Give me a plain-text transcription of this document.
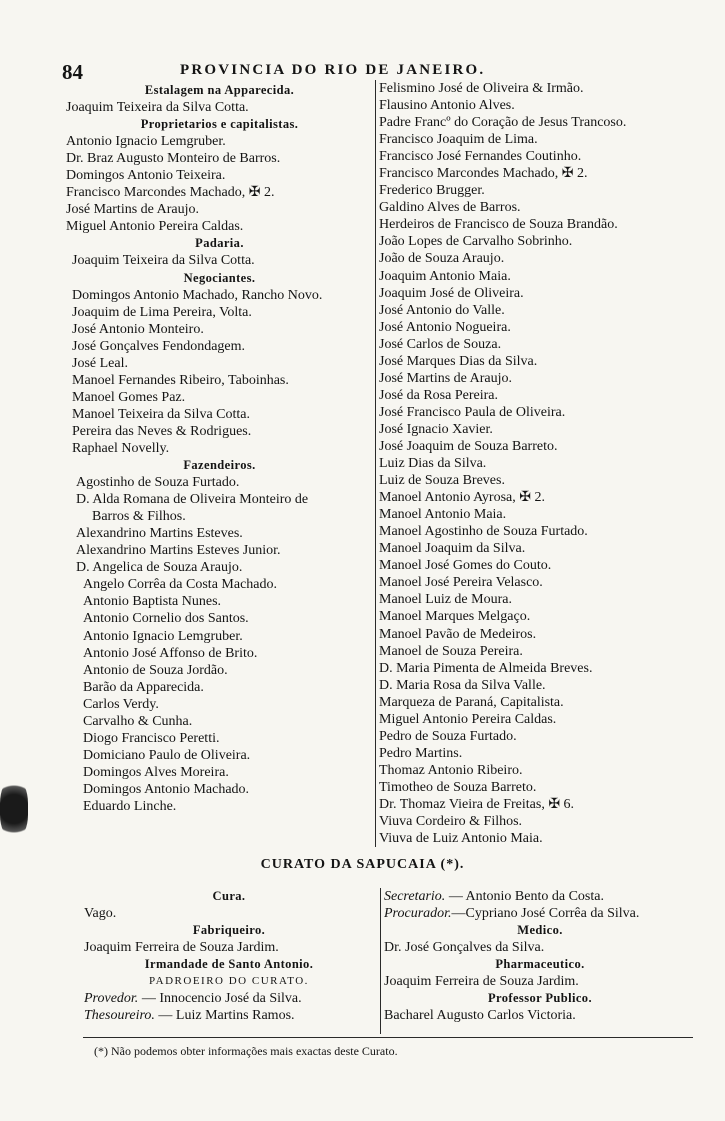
84	PROVINCIA DO RIO DE JANEIRO.
Estalagem na Apparecida.
Joaquim Teixeira da Silva Cotta.
Proprietarios e capitalistas.
Antonio Ignacio Lemgruber.
Dr. Braz Augusto Monteiro de Barros.
Domingos Antonio Teixeira.
Francisco Marcondes Machado, ✠ 2.
José Martins de Araujo.
Miguel Antonio Pereira Caldas.
Padaria.
Joaquim Teixeira da Silva Cotta.
Negociantes.
Domingos Antonio Machado, Rancho Novo.
Joaquim de Lima Pereira, Volta.
José Antonio Monteiro.
José Gonçalves Fendondagem.
José Leal.
Manoel Fernandes Ribeiro, Taboinhas.
Manoel Gomes Paz.
Manoel Teixeira da Silva Cotta.
Pereira das Neves & Rodrigues.
Raphael Novelly.
Fazendeiros.
Agostinho de Souza Furtado.
D. Alda Romana de Oliveira Monteiro de
Barros & Filhos.
Alexandrino Martins Esteves.
Alexandrino Martins Esteves Junior.
D. Angelica de Souza Araujo.
Angelo Corrêa da Costa Machado.
Antonio Baptista Nunes.
Antonio Cornelio dos Santos.
Antonio Ignacio Lemgruber.
Antonio José Affonso de Brito.
Antonio de Souza Jordão.
Barão da Apparecida.
Carlos Verdy.
Carvalho & Cunha.
Diogo Francisco Peretti.
Domiciano Paulo de Oliveira.
Domingos Alves Moreira.
Domingos Antonio Machado.
Eduardo Linche.
Felismino José de Oliveira & Irmão.
Flausino Antonio Alves.
Padre Francº do Coração de Jesus Trancoso.
Francisco Joaquim de Lima.
Francisco José Fernandes Coutinho.
Francisco Marcondes Machado, ✠ 2.
Frederico Brugger.
Galdino Alves de Barros.
Herdeiros de Francisco de Souza Brandão.
João Lopes de Carvalho Sobrinho.
João de Souza Araujo.
Joaquim Antonio Maia.
Joaquim José de Oliveira.
José Antonio do Valle.
José Antonio Nogueira.
José Carlos de Souza.
José Marques Dias da Silva.
José Martins de Araujo.
José da Rosa Pereira.
José Francisco Paula de Oliveira.
José Ignacio Xavier.
José Joaquim de Souza Barreto.
Luiz Dias da Silva.
Luiz de Souza Breves.
Manoel Antonio Ayrosa, ✠ 2.
Manoel Antonio Maia.
Manoel Agostinho de Souza Furtado.
Manoel Joaquim da Silva.
Manoel José Gomes do Couto.
Manoel José Pereira Velasco.
Manoel Luiz de Moura.
Manoel Marques Melgaço.
Manoel Pavão de Medeiros.
Manoel de Souza Pereira.
D. Maria Pimenta de Almeida Breves.
D. Maria Rosa da Silva Valle.
Marqueza de Paraná, Capitalista.
Miguel Antonio Pereira Caldas.
Pedro de Souza Furtado.
Pedro Martins.
Thomaz Antonio Ribeiro.
Timotheo de Souza Barreto.
Dr. Thomaz Vieira de Freitas, ✠ 6.
Viuva Cordeiro & Filhos.
Viuva de Luiz Antonio Maia.
CURATO DA SAPUCAIA (*).
Cura.
Vago.
Fabriqueiro.
Joaquim Ferreira de Souza Jardim.
Irmandade de Santo Antonio.
PADROEIRO DO CURATO.
Provedor. — Innocencio José da Silva.
Thesoureiro. — Luiz Martins Ramos.
Secretario. — Antonio Bento da Costa.
Procurador.—Cypriano José Corrêa da Silva.
Medico.
Dr. José Gonçalves da Silva.
Pharmaceutico.
Joaquim Ferreira de Souza Jardim.
Professor Publico.
Bacharel Augusto Carlos Victoria.
(*) Não podemos obter informações mais exactas deste Curato.
